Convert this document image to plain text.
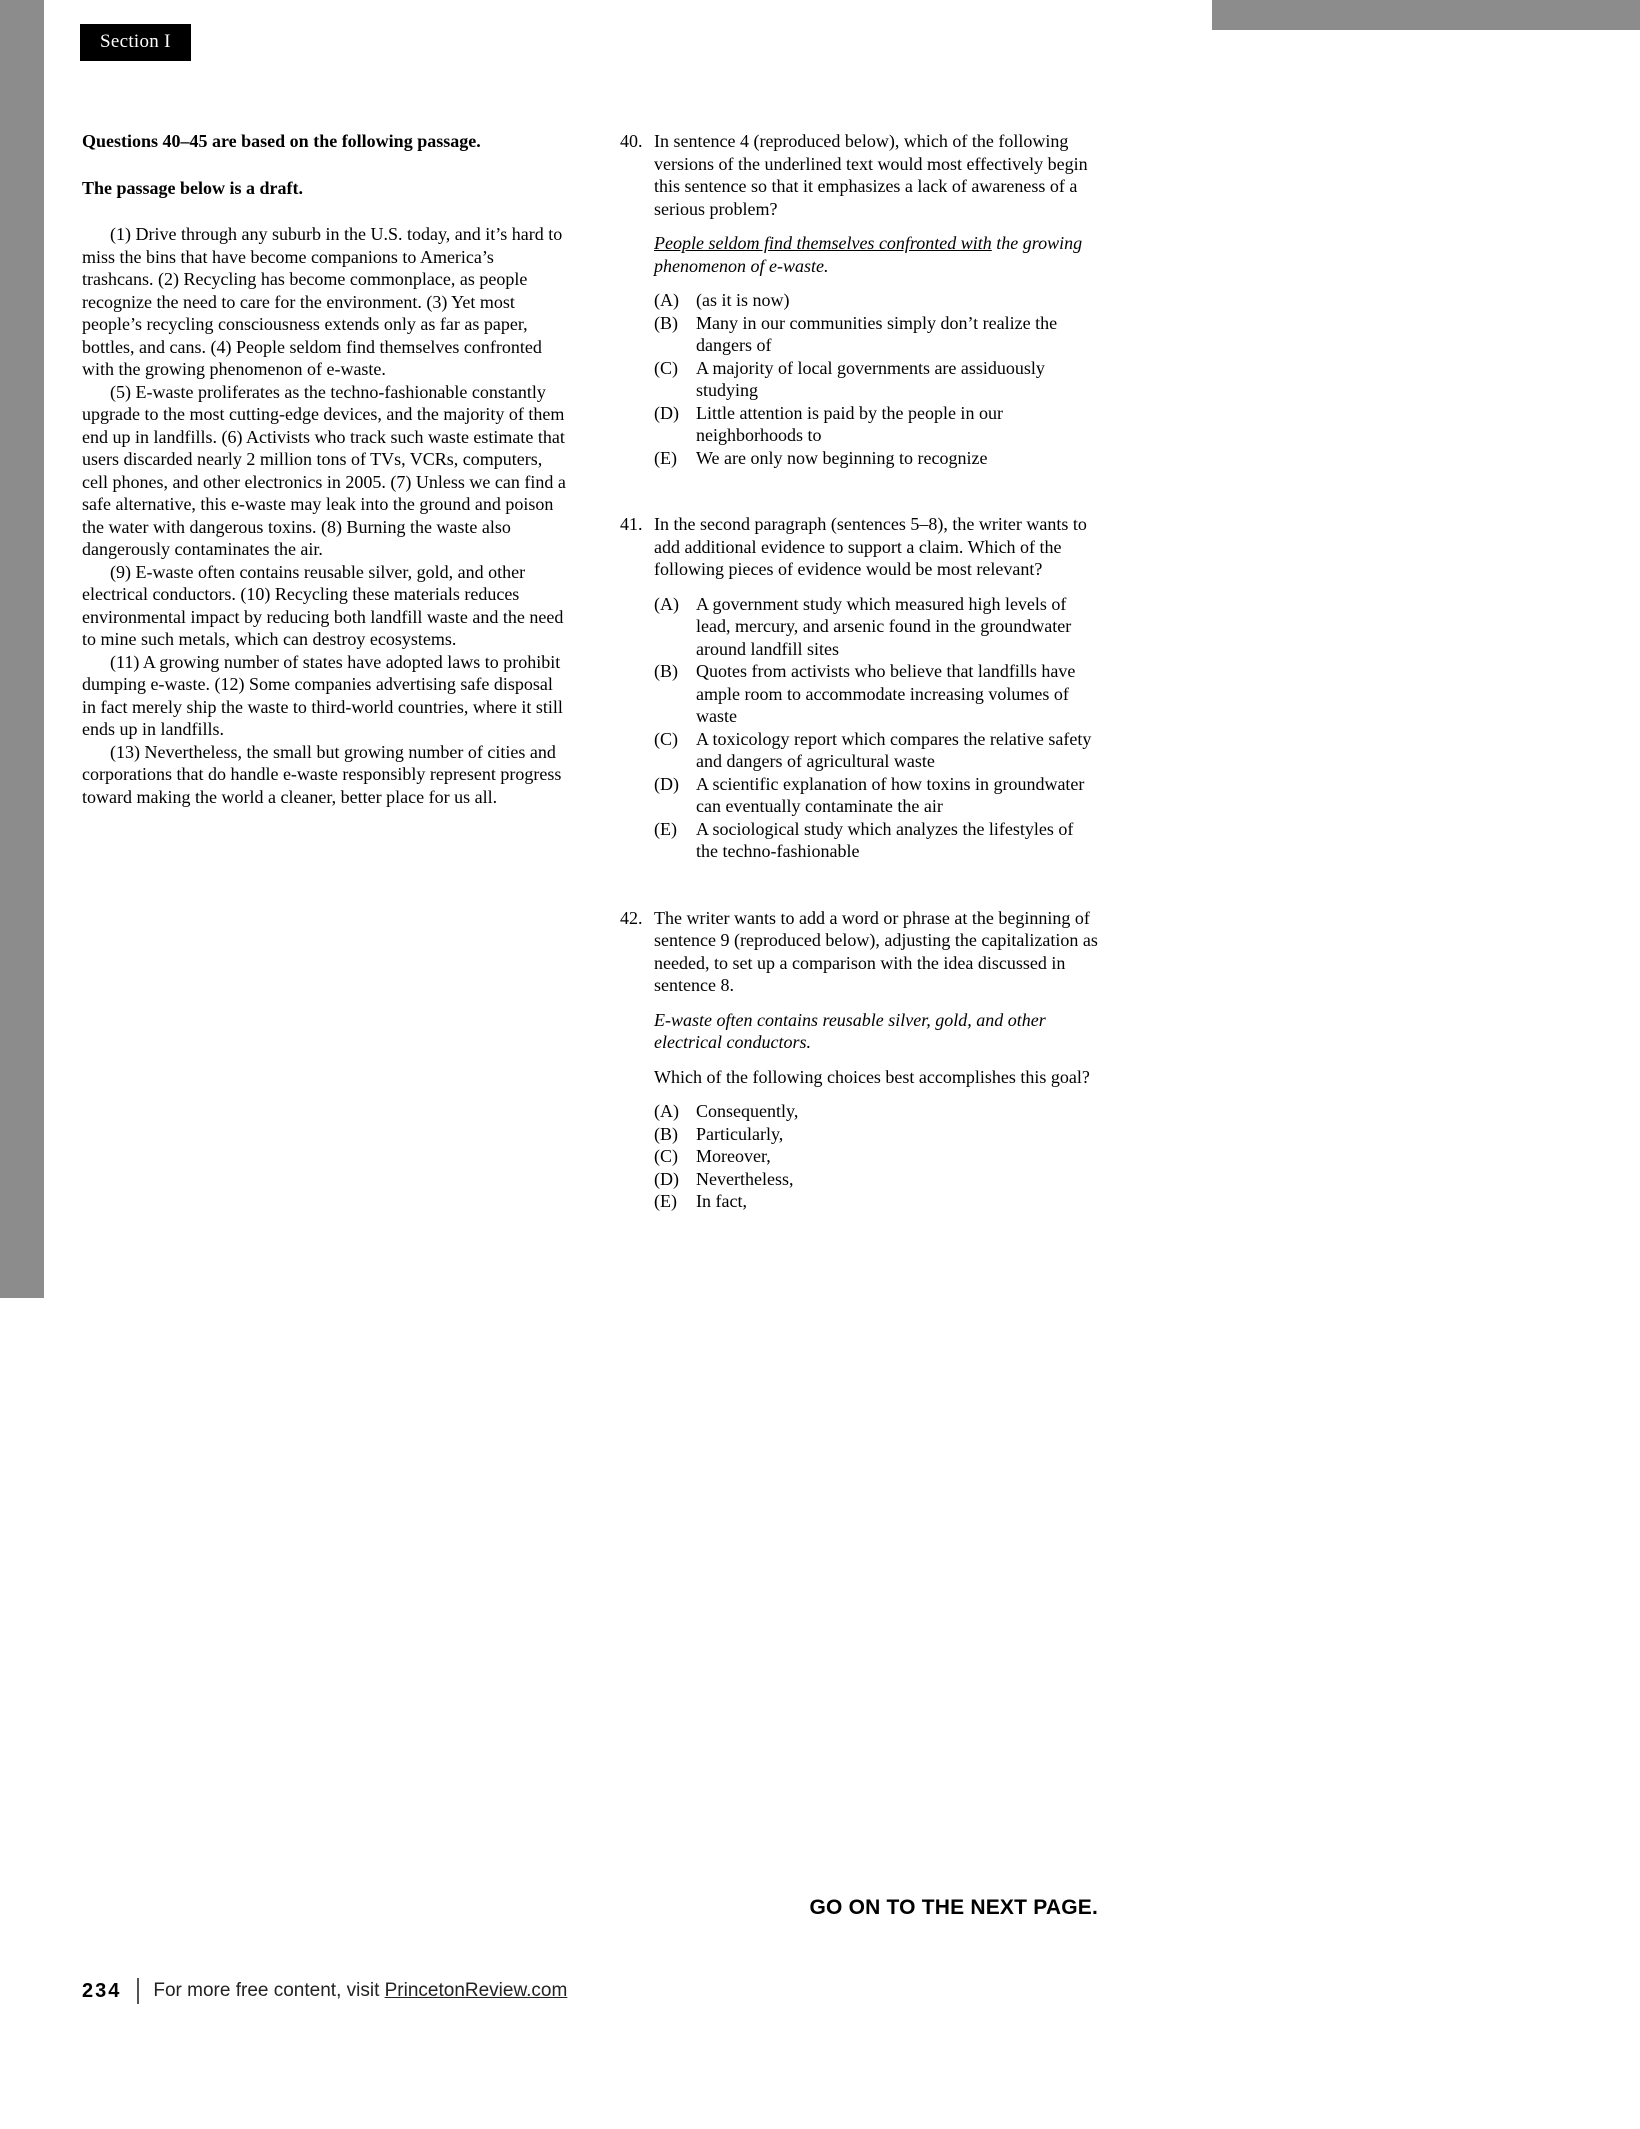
Section I
Questions 40–45 are based on the following passage.
The passage below is a draft.

(1) Drive through any suburb in the U.S. today, and it’s hard to miss the bins that have become companions to America’s trashcans. (2) Recycling has become commonplace, as people recognize the need to care for the environment. (3) Yet most people’s recycling consciousness extends only as far as paper, bottles, and cans. (4) People seldom find themselves confronted with the growing phenomenon of e-waste.

(5) E-waste proliferates as the techno-fashionable constantly upgrade to the most cutting-edge devices, and the majority of them end up in landfills. (6) Activists who track such waste estimate that users discarded nearly 2 million tons of TVs, VCRs, computers, cell phones, and other electronics in 2005. (7) Unless we can find a safe alternative, this e-waste may leak into the ground and poison the water with dangerous toxins. (8) Burning the waste also dangerously contaminates the air.

(9) E-waste often contains reusable silver, gold, and other electrical conductors. (10) Recycling these materials reduces environmental impact by reducing both landfill waste and the need to mine such metals, which can destroy ecosystems.

(11) A growing number of states have adopted laws to prohibit dumping e-waste. (12) Some companies advertising safe disposal in fact merely ship the waste to third-world countries, where it still ends up in landfills.

(13) Nevertheless, the small but growing number of cities and corporations that do handle e-waste responsibly represent progress toward making the world a cleaner, better place for us all.

40. In sentence 4 (reproduced below), which of the following versions of the underlined text would most effectively begin this sentence so that it emphasizes a lack of awareness of a serious problem?
People seldom find themselves confronted with the growing phenomenon of e-waste.
(A) (as it is now)
(B)	Many in our communities simply don’t realize the dangers of
(C)	A majority of local governments are assiduously studying
(D) Little attention is paid by the people in our neighborhoods to
(E)	We are only now beginning to recognize
41. In the second paragraph (sentences 5–8), the writer wants to add additional evidence to support a claim. Which of the following pieces of evidence would be most relevant?
(A) A government study which measured high levels of lead, mercury, and arsenic found in the groundwater around landfill sites
(B)	Quotes from activists who believe that landfills have ample room to accommodate increasing volumes of waste
(C)	A toxicology report which compares the relative safety and dangers of agricultural waste
(D) A scientific explanation of how toxins in groundwater can eventually contaminate the air
(E)	A sociological study which analyzes the lifestyles of the techno-fashionable
42. The writer wants to add a word or phrase at the beginning of sentence 9 (reproduced below), adjusting the capitalization as needed, to set up a comparison with the idea discussed in sentence 8.
E-waste often contains reusable silver, gold, and other electrical conductors.
Which of the following choices best accomplishes this goal?
(A) Consequently,
(B)	Particularly,
(C)	Moreover,
(D) Nevertheless,
(E)	In fact,
GO ON TO THE NEXT PAGE.
234 For more free content, visit PrincetonReview.com
